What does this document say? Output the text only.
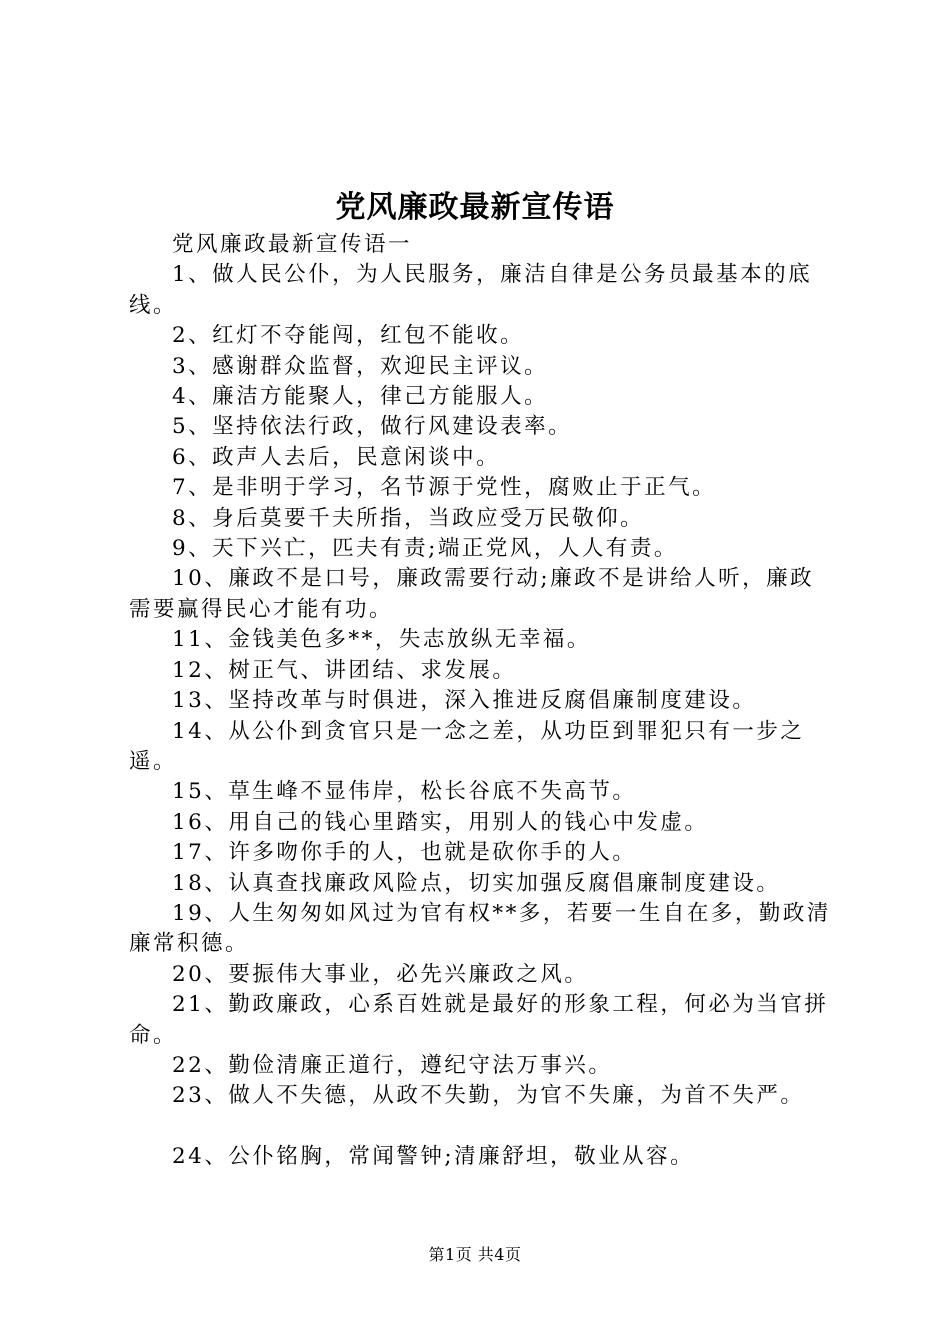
党风廉政最新宣传语

党风廉政最新宣传语一

1、做人民公仆，为人民服务，廉洁自律是公务员最基本的底线。

2、红灯不夺能闯，红包不能收。

3、感谢群众监督，欢迎民主评议。

4、廉洁方能聚人，律己方能服人。

5、坚持依法行政，做行风建设表率。

6、政声人去后，民意闲谈中。

7、是非明于学习，名节源于党性，腐败止于正气。

8、身后莫要千夫所指，当政应受万民敬仰。

9、天下兴亡，匹夫有责;端正党风，人人有责。

10、廉政不是口号，廉政需要行动;廉政不是讲给人听，廉政需要赢得民心才能有功。

11、金钱美色多**，失志放纵无幸福。

12、树正气、讲团结、求发展。

13、坚持改革与时俱进，深入推进反腐倡廉制度建设。

14、从公仆到贪官只是一念之差，从功臣到罪犯只有一步之遥。

15、草生峰不显伟岸，松长谷底不失高节。

16、用自己的钱心里踏实，用别人的钱心中发虚。

17、许多吻你手的人，也就是砍你手的人。

18、认真查找廉政风险点，切实加强反腐倡廉制度建设。

19、人生匆匆如风过为官有权**多，若要一生自在多，勤政清廉常积德。

20、要振伟大事业，必先兴廉政之风。

21、勤政廉政，心系百姓就是最好的形象工程，何必为当官拼命。

22、勤俭清廉正道行，遵纪守法万事兴。

23、做人不失德，从政不失勤，为官不失廉，为首不失严。

24、公仆铭胸，常闻警钟;清廉舒坦，敬业从容。

第1页 共4页
